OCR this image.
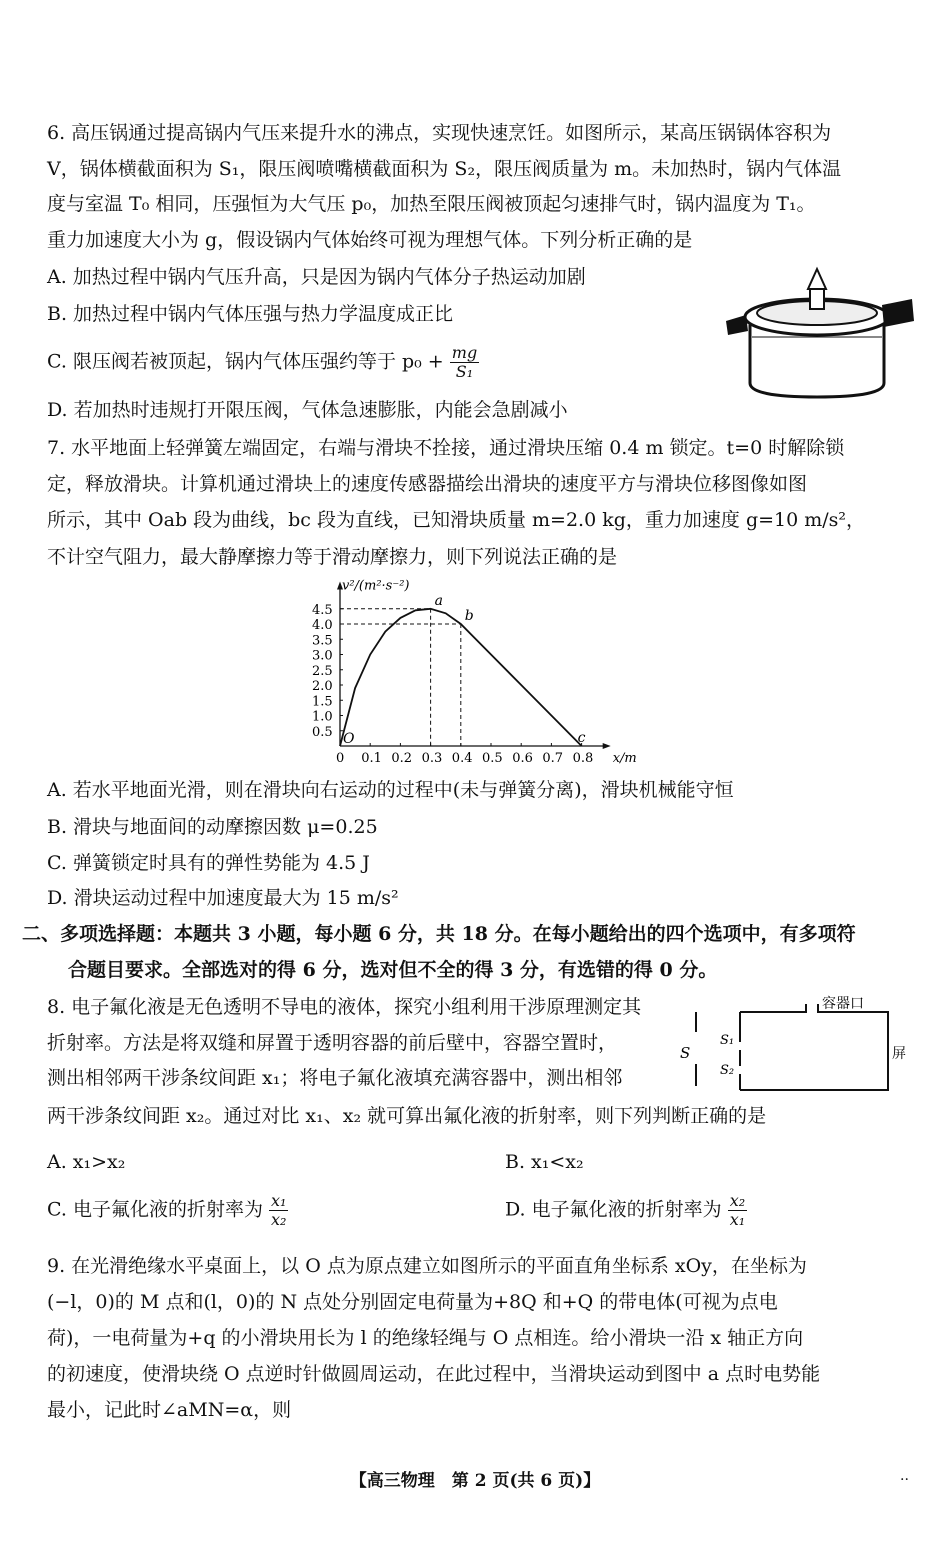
6. 高压锅通过提高锅内气压来提升水的沸点，实现快速烹饪。如图所示，某高压锅锅体容积为
V，锅体横截面积为 S₁，限压阀喷嘴横截面积为 S₂，限压阀质量为 m。未加热时，锅内气体温
度与室温 T₀ 相同，压强恒为大气压 p₀，加热至限压阀被顶起匀速排气时，锅内温度为 T₁。
重力加速度大小为 g，假设锅内气体始终可视为理想气体。下列分析正确的是
A. 加热过程中锅内气压升高，只是因为锅内气体分子热运动加剧
B. 加热过程中锅内气体压强与热力学温度成正比
C. 限压阀若被顶起，锅内气体压强约等于 $p_0 + \frac{mg}{\text{S₁}}$
D. 若加热时违规打开限压阀，气体急速膨胀，内能会急剧减小
7. 水平地面上轻弹簧左端固定，右端与滑块不拴接，通过滑块压缩 0.4 m 锁定。t=0 时解除锁
定，释放滑块。计算机通过滑块上的速度传感器描绘出滑块的速度平方与滑块位移图像如图
所示，其中 Oab 段为曲线，bc 段为直线，已知滑块质量 m=2.0 kg，重力加速度 g=10 m/s²，
不计空气阻力，最大静摩擦力等于滑动摩擦力，则下列说法正确的是
v²/(m²·s⁻²)
x/m
0 0.1 0.2 0.3 0.4 0.5 0.6 0.7 0.8
0.5
1.0
1.5
2.0
2.5
3.0
3.5
4.0
4.5
O
a
b
c
A. 若水平地面光滑，则在滑块向右运动的过程中(未与弹簧分离)，滑块机械能守恒
B. 滑块与地面间的动摩擦因数 μ=0.25
C. 弹簧锁定时具有的弹性势能为 4.5 J
D. 滑块运动过程中加速度最大为 15 m/s²
二、多项选择题：本题共 3 小题，每小题 6 分，共 18 分。在每小题给出的四个选项中，有多项符
合题目要求。全部选对的得 6 分，选对但不全的得 3 分，有选错的得 0 分。
8. 电子氟化液是无色透明不导电的液体，探究小组利用干涉原理测定其
折射率。方法是将双缝和屏置于透明容器的前后壁中，容器空置时，
测出相邻两干涉条纹间距 x₁；将电子氟化液填充满容器中，测出相邻
两干涉条纹间距 x₂。通过对比 x₁、x₂ 就可算出氟化液的折射率，则下列判断正确的是
S
S₁
S₂
容器口
屏
A. x₁>x₂	B. x₁<x₂
C. 电子氟化液的折射率为 $\frac{\text{x₁}}{\text{x₂}}$	D. 电子氟化液的折射率为 $\frac{\text{x₂}}{\text{x₁}}$
9. 在光滑绝缘水平桌面上，以 O 点为原点建立如图所示的平面直角坐标系 xOy，在坐标为
(−l，0)的 M 点和(l，0)的 N 点处分别固定电荷量为+8Q 和+Q 的带电体(可视为点电
荷)，一电荷量为+q 的小滑块用长为 l 的绝缘轻绳与 O 点相连。给小滑块一沿 x 轴正方向
的初速度，使滑块绕 O 点逆时针做圆周运动，在此过程中，当滑块运动到图中 a 点时电势能
最小，记此时∠aMN=α，则
【高三物理　第 2 页(共 6 页)】	..
